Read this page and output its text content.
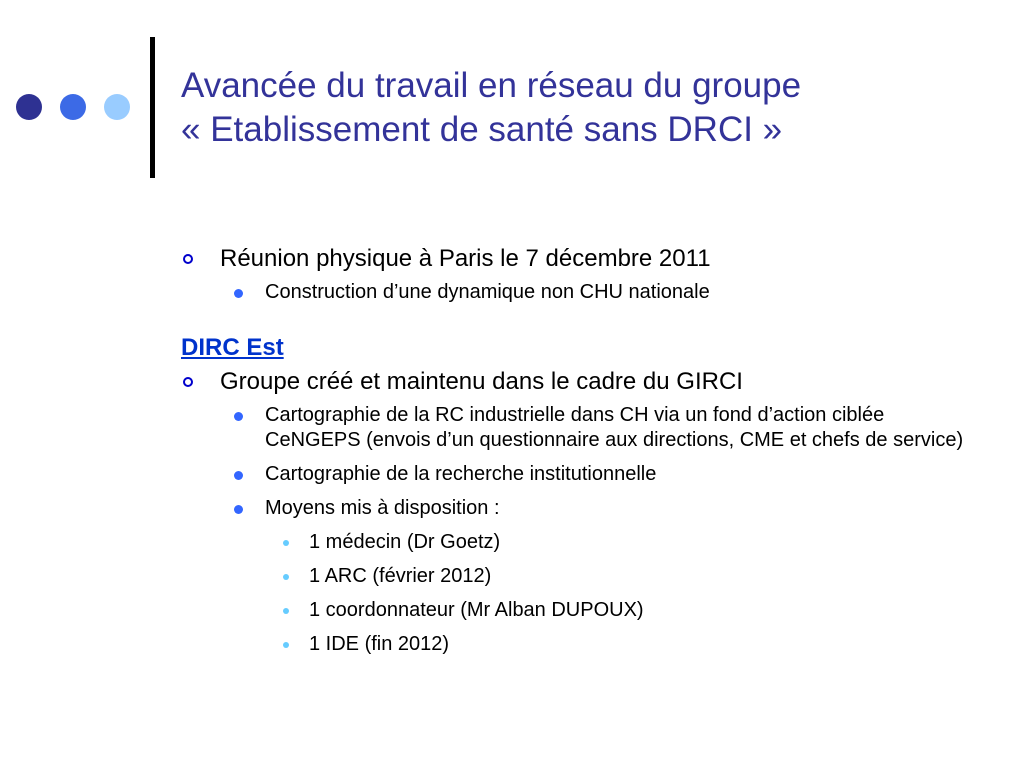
Avancée du travail en réseau du groupe
« Etablissement de santé sans DRCI »
Réunion physique à Paris le 7 décembre 2011
Construction d’une dynamique non CHU nationale
DIRC Est
Groupe créé et maintenu dans le cadre du GIRCI
Cartographie de la RC industrielle dans CH via un fond d’action ciblée CeNGEPS (envois d’un questionnaire aux directions, CME et chefs de service)
Cartographie de la recherche institutionnelle
Moyens mis à disposition :
1 médecin (Dr Goetz)
1 ARC (février 2012)
1 coordonnateur (Mr Alban DUPOUX)
1 IDE (fin 2012)
